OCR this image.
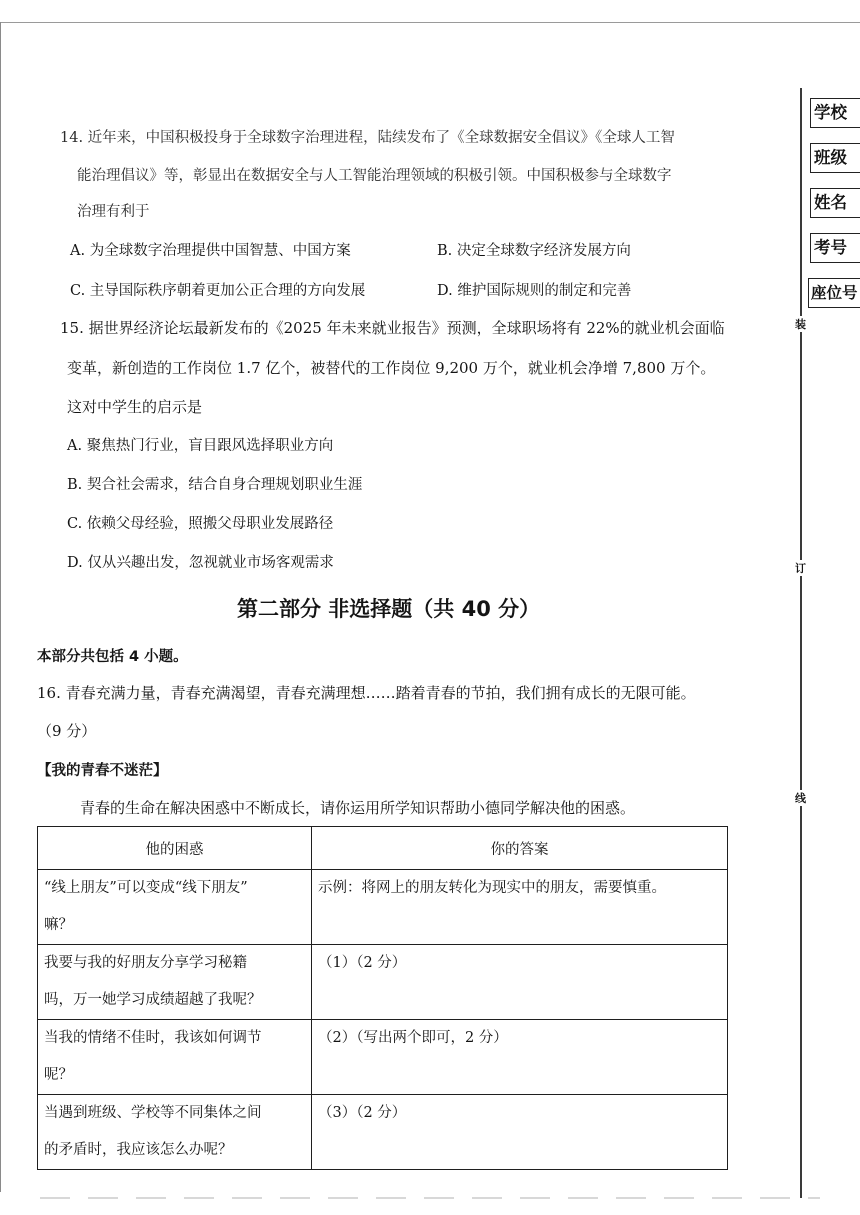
装
订
线
学校
班级
姓名
考号
座位号
14. 近年来，中国积极投身于全球数字治理进程，陆续发布了《全球数据安全倡议》《全球人工智
能治理倡议》等，彰显出在数据安全与人工智能治理领域的积极引领。中国积极参与全球数字
治理有利于
A. 为全球数字治理提供中国智慧、中国方案	B. 决定全球数字经济发展方向
C. 主导国际秩序朝着更加公正合理的方向发展	D. 维护国际规则的制定和完善
15. 据世界经济论坛最新发布的《2025 年未来就业报告》预测，全球职场将有 22%的就业机会面临
变革，新创造的工作岗位 1.7 亿个，被替代的工作岗位 9,200 万个，就业机会净增 7,800 万个。
这对中学生的启示是
A. 聚焦热门行业，盲目跟风选择职业方向
B. 契合社会需求，结合自身合理规划职业生涯
C. 依赖父母经验，照搬父母职业发展路径
D. 仅从兴趣出发，忽视就业市场客观需求
第二部分 非选择题（共 40 分）
本部分共包括 4 小题。
16. 青春充满力量，青春充满渴望，青春充满理想……踏着青春的节拍，我们拥有成长的无限可能。
（9 分）
【我的青春不迷茫】
青春的生命在解决困惑中不断成长，请你运用所学知识帮助小德同学解决他的困惑。
他的困惑	你的答案

“线上朋友”可以变成“线下朋友”
嘛？	示例：将网上的朋友转化为现实中的朋友，需要慎重。

我要与我的好朋友分享学习秘籍
吗，万一她学习成绩超越了我呢？	（1）（2 分）

当我的情绪不佳时，我该如何调节
呢？	（2）（写出两个即可，2 分）

当遇到班级、学校等不同集体之间
的矛盾时，我应该怎么办呢？	（3）（2 分）
